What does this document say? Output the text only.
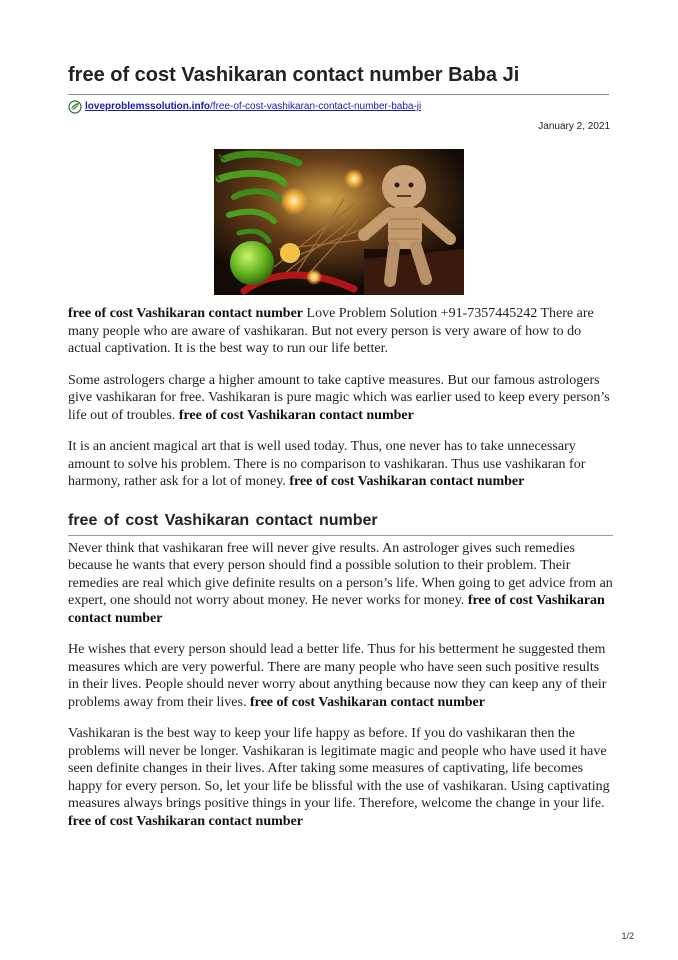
free of cost Vashikaran contact number Baba Ji
loveproblemssolution.info/free-of-cost-vashikaran-contact-number-baba-ji
January 2, 2021

free of cost Vashikaran contact number Love Problem Solution +91-7357445242 There are many people who are aware of vashikaran. But not every person is very aware of how to do actual captivation. It is the best way to run our life better.

Some astrologers charge a higher amount to take captive measures. But our famous astrologers give vashikaran for free. Vashikaran is pure magic which was earlier used to keep every person’s life out of troubles. free of cost Vashikaran contact number

It is an ancient magical art that is well used today. Thus, one never has to take unnecessary amount to solve his problem. There is no comparison to vashikaran. Thus use vashikaran for harmony, rather ask for a lot of money. free of cost Vashikaran contact number

free of cost Vashikaran contact number

Never think that vashikaran free will never give results. An astrologer gives such remedies because he wants that every person should find a possible solution to their problem. Their remedies are real which give definite results on a person’s life. When going to get advice from an expert, one should not worry about money. He never works for money. free of cost Vashikaran contact number

He wishes that every person should lead a better life. Thus for his betterment he suggested them measures which are very powerful. There are many people who have seen such positive results in their lives. People should never worry about anything because now they can keep any of their problems away from their lives. free of cost Vashikaran contact number

Vashikaran is the best way to keep your life happy as before. If you do vashikaran then the problems will never be longer. Vashikaran is legitimate magic and people who have used it have seen definite changes in their lives. After taking some measures of captivating, life becomes happy for every person. So, let your life be blissful with the use of vashikaran. Using captivating measures always brings positive things in your life. Therefore, welcome the change in your life. free of cost Vashikaran contact number

1/2
